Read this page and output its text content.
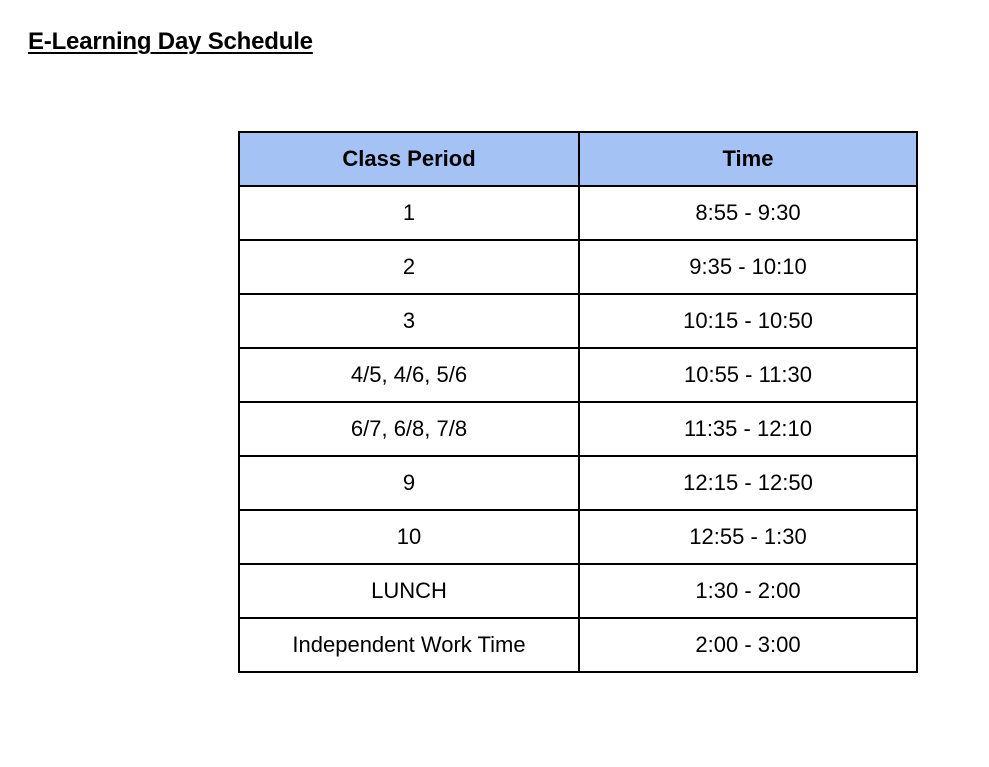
E-Learning Day Schedule
Class Period	Time
1	8:55 - 9:30
2	9:35 - 10:10
3	10:15 - 10:50
4/5, 4/6, 5/6	10:55 - 11:30
6/7, 6/8, 7/8	11:35 - 12:10
9	12:15 - 12:50
10	12:55 - 1:30
LUNCH	1:30 - 2:00
Independent Work Time	2:00 - 3:00
